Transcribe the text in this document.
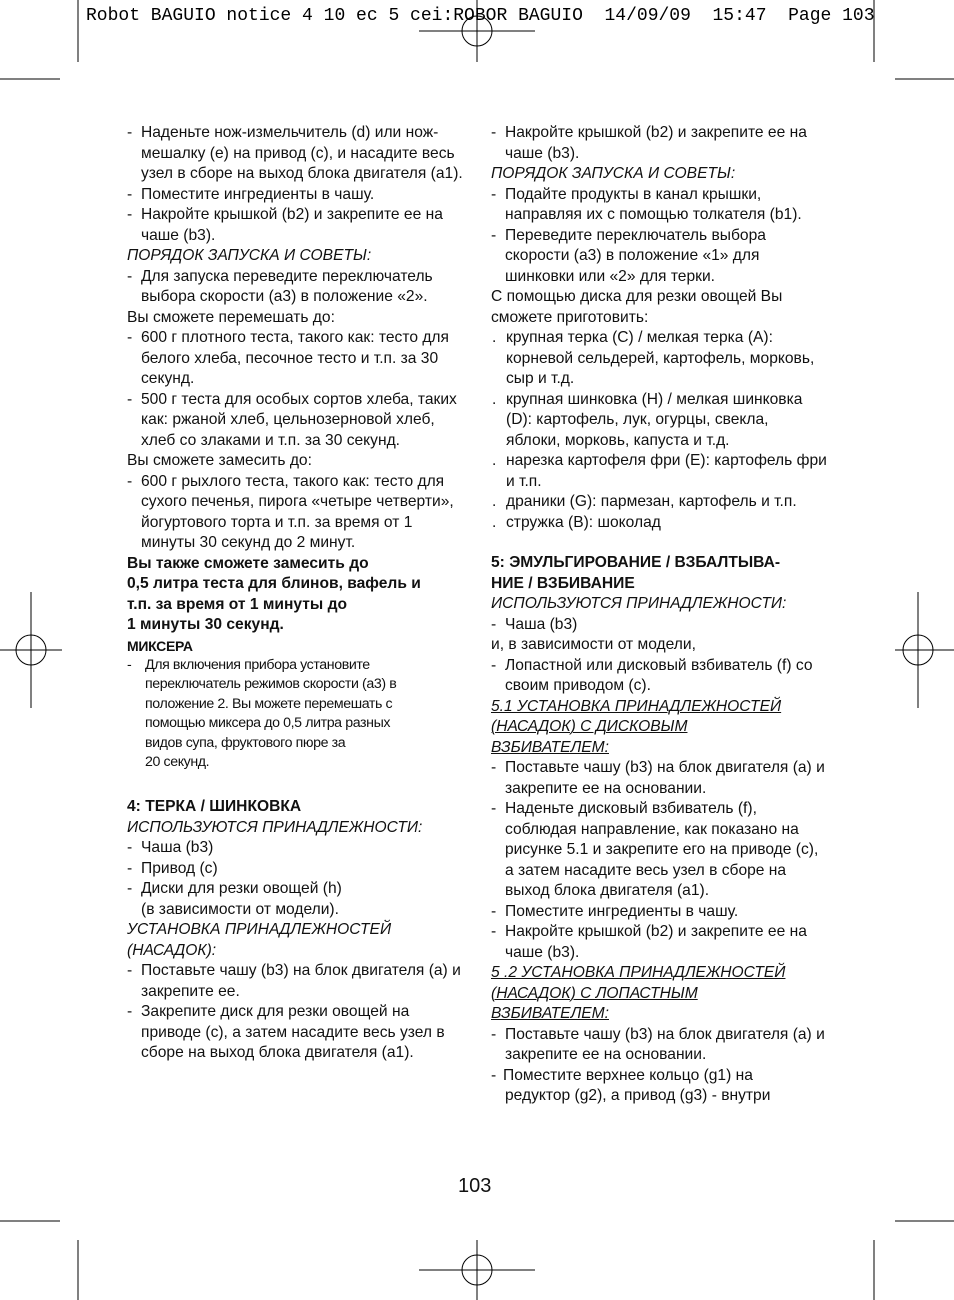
Robot BAGUIO notice 4 10 ec 5 cei:ROBOR BAGUIO  14/09/09  15:47  Page 103
- Наденьте нож-измельчитель (d) или нож-мешалку (e) на привод (с), и насадите весь узел в сборе на выход блока двигателя (a1).
- Поместите ингредиенты в чашу.
- Накройте крышкой (b2) и закрепите ее на чаше (b3).

ПОРЯДОК ЗАПУСКА И СОВЕТЫ:

- Для запуска переведите переключатель выбора скорости (a3) в положение «2».

Вы сможете перемешать до:

- 600 г плотного теста, такого как: тесто для белого хлеба, песочное тесто и т.п. за 30 секунд.
- 500 г теста для особых сортов хлеба, таких как: ржаной хлеб, цельнозерновой хлеб, хлеб со злаками и т.п. за 30 секунд.

Вы сможете замесить до:

- 600 г рыхлого теста, такого как: тесто для сухого печенья, пирога «четыре четверти», йогуртового торта и т.п. за время от 1 минуты 30 секунд до 2 минут.
Вы также сможете замесить до
0,5 литра теста для блинов, вафель и
т.п. за время от 1 минуты до
1 минуты 30 секунд.
МИКСЕРА
- Для включения прибора установите
переключатель режимов скорости (a3) в
положение 2. Вы можете перемешать с
помощью миксера до 0,5 литра разных
видов супа, фруктового пюре за
20 секунд.

4: ТЕРКА / ШИНКОВКА

ИСПОЛЬЗУЮТСЯ ПРИНАДЛЕЖНОСТИ:

- Чаша (b3)
- Привод (с)
- Диски для резки овощей (h)
(в зависимости от модели).

УСТАНОВКА ПРИНАДЛЕЖНОСТЕЙ (НАСАДОК):

- Поставьте чашу (b3) на блок двигателя (a) и закрепите ее.
- Закрепите диск для резки овощей на приводе (с), а затем насадите весь узел в сборе на выход блока двигателя (a1).
- Накройте крышкой (b2) и закрепите ее на чаше (b3).

ПОРЯДОК ЗАПУСКА И СОВЕТЫ:

- Подайте продукты в канал крышки, направляя их с помощью толкателя (b1).
- Переведите переключатель выбора скорости (a3) в положение «1» для шинковки или «2» для терки.

С помощью диска для резки овощей Вы сможете приготовить:

. крупная терка (C) / мелкая терка (A): корневой сельдерей, картофель, морковь, сыр и т.д.
. крупная шинковка (H) / мелкая шинковка (D): картофель, лук, огурцы, свекла, яблоки, морковь, капуста и т.д.
. нарезка картофеля фри (E): картофель фри и т.п.
. драники (G): пармезан, картофель и т.п.
. стружка (B): шоколад
5: ЭМУЛЬГИРОВАНИЕ / ВЗБАЛТЫВА-
НИЕ / ВЗБИВАНИЕ

ИСПОЛЬЗУЮТСЯ ПРИНАДЛЕЖНОСТИ:

- Чаша (b3)

и, в зависимости от модели,

- Лопастной или дисковый взбиватель (f) со своим приводом (с).
5.1 УСТАНОВКА ПРИНАДЛЕЖНОСТЕЙ
(НАСАДОК) С ДИСКОВЫМ
ВЗБИВАТЕЛЕМ:
- Поставьте чашу (b3) на блок двигателя (a) и закрепите ее на основании.
- Наденьте дисковый взбиватель (f), соблюдая направление, как показано на рисунке 5.1 и закрепите его на приводе (с), а затем насадите весь узел в сборе на выход блока двигателя (a1).
- Поместите ингредиенты в чашу.
- Накройте крышкой (b2) и закрепите ее на чаше (b3).
5 .2 УСТАНОВКА ПРИНАДЛЕЖНОСТЕЙ
(НАСАДОК) С ЛОПАСТНЫМ
ВЗБИВАТЕЛЕМ:
- Поставьте чашу (b3) на блок двигателя (a) и закрепите ее на основании.
- Поместите верхнее кольцо (g1) на
редуктор (g2), а привод (g3) - внутри
103
